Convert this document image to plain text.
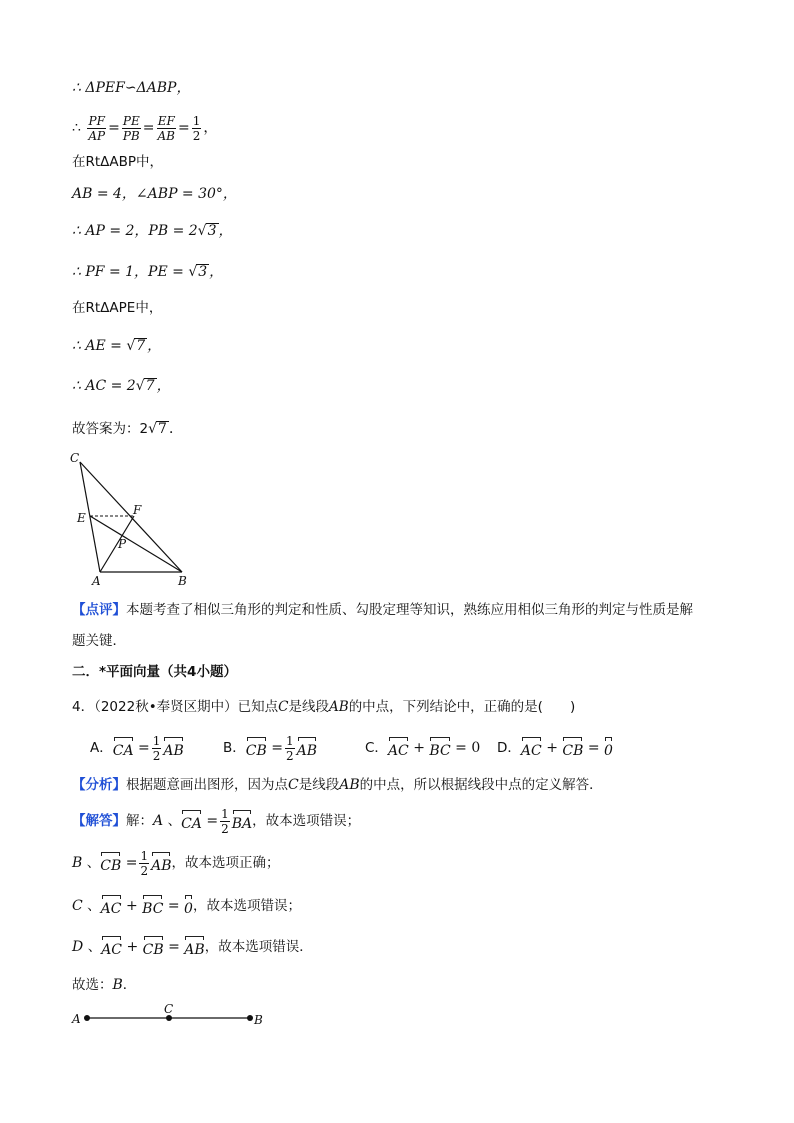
∴ ΔPEF∽ΔABP，
∴
$\frac{PF}{AP} = \frac{PE}{PB} = \frac{EF}{AB} = \frac{1}{2}$ ，
在RtΔABP中，
AB = 4，∠ABP = 30°，
∴ AP = 2，PB = 2√3 ，
∴ PF = 1，PE = √3 ，
在RtΔAPE中，
∴ AE = √7 ，
∴ AC = 2√7 ，
故答案为：2√7 ．
C
E
F
P
A	B
【点评】本题考查了相似三角形的判定和性质、勾股定理等知识，熟练应用相似三角形的判定与性质是解
题关键．
二．*平面向量（共4小题）
4．（2022秋•奉贤区期中）已知点C是线段AB的中点，下列结论中，正确的是(　　)
A． CA
= $\frac{1}{2}$ AB	B． CB
= $\frac{1}{2}$ AB	C． AC
+
BC
=
0 D． AC
+
CB
=
0
【分析】根据题意画出图形，因为点C是线段AB的中点，所以根据线段中点的定义解答．
【解答】 解： A
、 CA
= $\frac{1}{2}$ BA ，故本选项错误；
B
、 CB
= $\frac{1}{2}$ AB ，故本选项正确；
C
、 AC
+
BC
=
0 ，故本选项错误；
D
、 AC
+
CB
=
AB ，故本选项错误．
故选：B．
A
C
B
